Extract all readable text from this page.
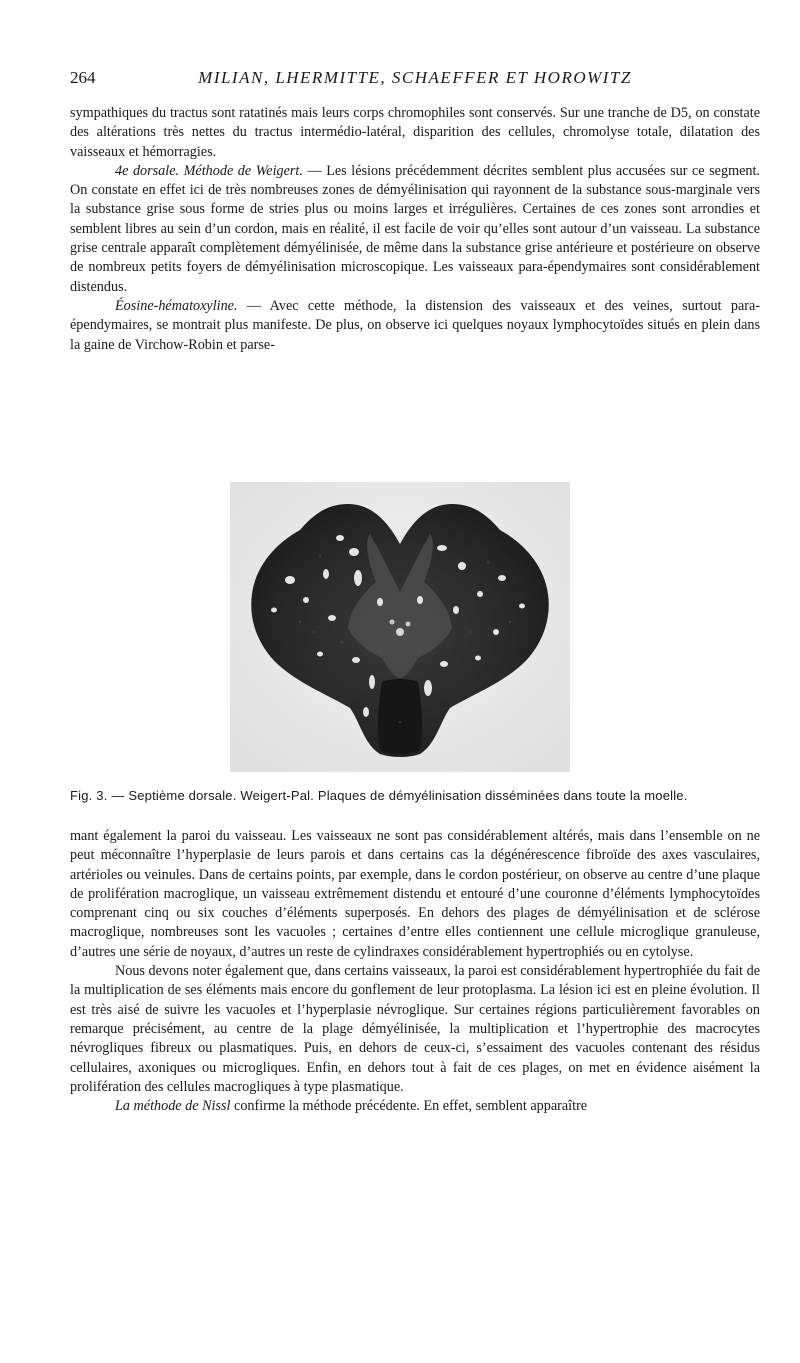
264	MILIAN, LHERMITTE, SCHAEFFER ET HOROWITZ

sympathiques du tractus sont ratatinés mais leurs corps chromophiles sont conservés. Sur une tranche de D5, on constate des altérations très nettes du tractus intermédio-latéral, disparition des cellules, chromolyse totale, dilatation des vaisseaux et hémorragies.

4e dorsale. Méthode de Weigert. — Les lésions précédemment décrites semblent plus accusées sur ce segment. On constate en effet ici de très nombreuses zones de démyélinisation qui rayonnent de la substance sous-marginale vers la substance grise sous forme de stries plus ou moins larges et irrégulières. Certaines de ces zones sont arrondies et semblent libres au sein d’un cordon, mais en réalité, il est facile de voir qu’elles sont autour d’un vaisseau. La substance grise centrale apparaît complètement démyélinisée, de même dans la substance grise antérieure et postérieure on observe de nombreux petits foyers de démyélinisation microscopique. Les vaisseaux para-épendymaires sont considérablement distendus.

Éosine-hématoxyline. — Avec cette méthode, la distension des vaisseaux et des veines, surtout para-épendymaires, se montrait plus manifeste. De plus, on observe ici quelques noyaux lymphocytoïdes situés en plein dans la gaine de Virchow-Robin et parse-

Fig. 3. — Septième dorsale. Weigert-Pal. Plaques de démyélinisation disséminées dans toute la moelle.

mant également la paroi du vaisseau. Les vaisseaux ne sont pas considérablement altérés, mais dans l’ensemble on ne peut méconnaître l’hyperplasie de leurs parois et dans certains cas la dégénérescence fibroïde des axes vasculaires, artérioles ou veinules. Dans de certains points, par exemple, dans le cordon postérieur, on observe au centre d’une plaque de prolifération macroglique, un vaisseau extrêmement distendu et entouré d’une couronne d’éléments lymphocytoïdes comprenant cinq ou six couches d’éléments superposés. En dehors des plages de démyélinisation et de sclérose macroglique, nombreuses sont les vacuoles ; certaines d’entre elles contiennent une cellule microglique granuleuse, d’autres une série de noyaux, d’autres un reste de cylindraxes considérablement hypertrophiés ou en cytolyse.

Nous devons noter également que, dans certains vaisseaux, la paroi est considérablement hypertrophiée du fait de la multiplication de ses éléments mais encore du gonflement de leur protoplasma. La lésion ici est en pleine évolution. Il est très aisé de suivre les vacuoles et l’hyperplasie névroglique. Sur certaines régions particulièrement favorables on remarque précisément, au centre de la plage démyélinisée, la multiplication et l’hypertrophie des macrocytes névrogliques fibreux ou plasmatiques. Puis, en dehors de ceux-ci, s’essaiment des vacuoles contenant des résidus cellulaires, axoniques ou microgliques. Enfin, en dehors tout à fait de ces plages, on met en évidence aisément la prolifération des cellules macrogliques à type plasmatique.

La méthode de Nissl confirme la méthode précédente. En effet, semblent apparaître
